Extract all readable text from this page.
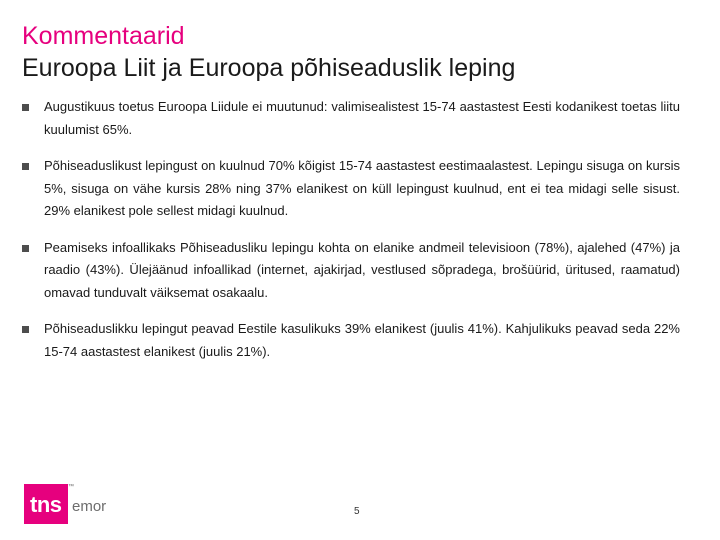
Kommentaarid
Euroopa Liit ja Euroopa põhiseaduslik leping
Augustikuus toetus Euroopa Liidule ei muutunud: valimisealistest 15-74 aastastest Eesti kodanikest toetas liitu kuulumist 65%.
Põhiseaduslikust lepingust on kuulnud 70% kõigist 15-74 aastastest eestimaalastest. Lepingu sisuga on kursis 5%, sisuga on vähe kursis 28% ning 37% elanikest on küll lepingust kuulnud, ent ei tea midagi selle sisust. 29% elanikest pole sellest midagi kuulnud.
Peamiseks infoallikaks Põhiseadusliku lepingu kohta on elanike andmeil televisioon (78%), ajalehed (47%) ja raadio (43%). Ülejäänud infoallikad (internet, ajakirjad, vestlused sõpradega, brošüürid, üritused, raamatud) omavad tunduvalt väiksemat osakaalu.
Põhiseaduslikku lepingut peavad Eestile kasulikuks 39% elanikest (juulis 41%). Kahjulikuks peavad seda 22% 15-74 aastastest elanikest (juulis 21%).
tns
™
emor	5
